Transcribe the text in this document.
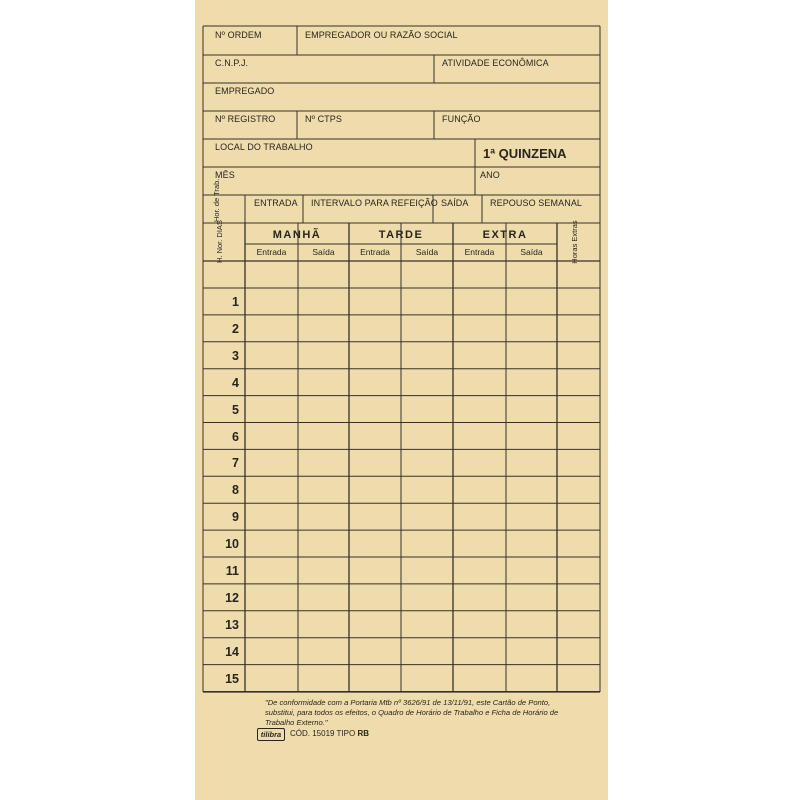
Nº ORDEM	EMPREGADOR OU RAZÃO SOCIAL
C.N.P.J.	ATIVIDADE ECONÔMICA
EMPREGADO
Nº REGISTRO	Nº CTPS	FUNÇÃO
LOCAL DO TRABALHO	1ª QUINZENA
MÊS	ANO
Hor. de Trab.	ENTRADA INTERVALO PARA REFEIÇÃO SAÍDA REPOUSO SEMANAL
H. Nor. DIAS	MANHÃ	TARDE	EXTRA
Entrada	Saída	Entrada	Saída	Entrada	Saída	Horas Extras
1
2
3
4
5
6
7
8
9
10
11
12
13
14
15
"De conformidade com a Portaria Mtb nº 3626/91 de 13/11/91, este Cartão de Ponto, substitui, para todos os efeitos, o Quadro de Horário de Trabalho e Ficha de Horário de Trabalho Externo."
tilibra	CÓD. 15019 TIPO RB
